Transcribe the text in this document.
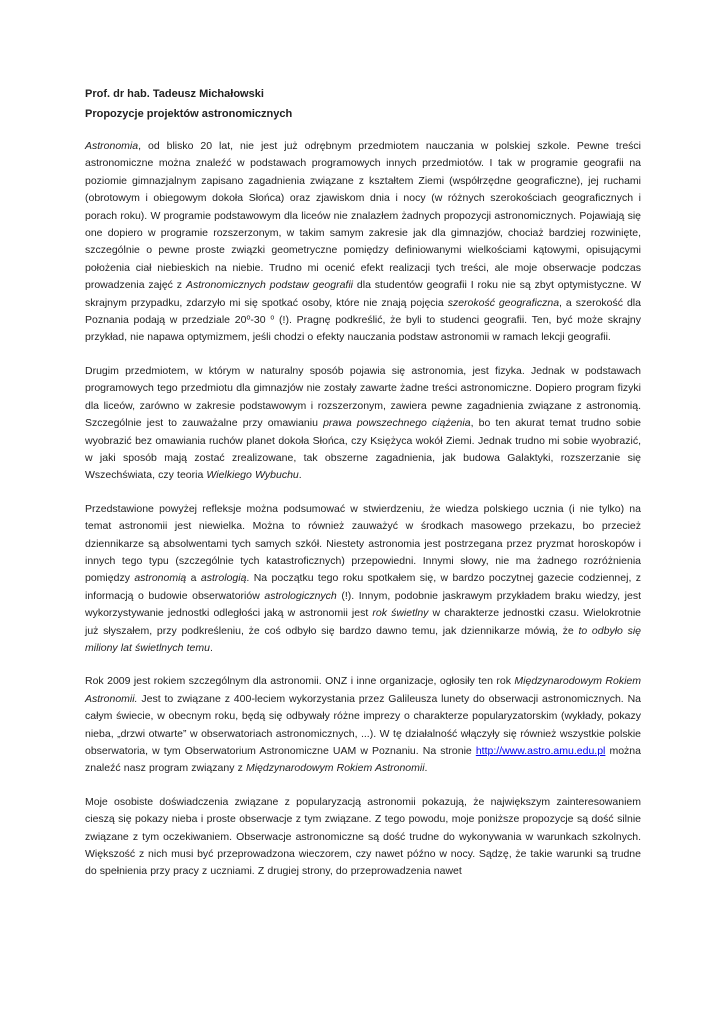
Prof. dr hab. Tadeusz Michałowski
Propozycje projektów astronomicznych

Astronomia, od blisko 20 lat, nie jest już odrębnym przedmiotem nauczania w polskiej szkole. Pewne treści astronomiczne można znaleźć w podstawach programowych innych przedmiotów. I tak w programie geografii na poziomie gimnazjalnym zapisano zagadnienia związane z kształtem Ziemi (współrzędne geograficzne), jej ruchami (obrotowym i obiegowym dokoła Słońca) oraz zjawiskom dnia i nocy (w różnych szerokościach geograficznych i porach roku). W programie podstawowym dla liceów nie znalazłem żadnych propozycji astronomicznych. Pojawiają się one dopiero w programie rozszerzonym, w takim samym zakresie jak dla gimnazjów, chociaż bardziej rozwinięte, szczególnie o pewne proste związki geometryczne pomiędzy definiowanymi wielkościami kątowymi, opisującymi położenia ciał niebieskich na niebie. Trudno mi ocenić efekt realizacji tych treści, ale moje obserwacje podczas prowadzenia zajęć z Astronomicznych podstaw geografii dla studentów geografii I roku nie są zbyt optymistyczne. W skrajnym przypadku, zdarzyło mi się spotkać osoby, które nie znają pojęcia szerokość geograficzna, a szerokość dla Poznania podają w przedziale 20$^o$-30 $^o$ (!). Pragnę podkreślić, że byli to studenci geografii. Ten, być może skrajny przykład, nie napawa optymizmem, jeśli chodzi o efekty nauczania podstaw astronomii w ramach lekcji geografii.

Drugim przedmiotem, w którym w naturalny sposób pojawia się astronomia, jest fizyka. Jednak w podstawach programowych tego przedmiotu dla gimnazjów nie zostały zawarte żadne treści astronomiczne. Dopiero program fizyki dla liceów, zarówno w zakresie podstawowym i rozszerzonym, zawiera pewne zagadnienia związane z astronomią. Szczególnie jest to zauważalne przy omawianiu prawa powszechnego ciążenia, bo ten akurat temat trudno sobie wyobrazić bez omawiania ruchów planet dokoła Słońca, czy Księżyca wokół Ziemi. Jednak trudno mi sobie wyobrazić, w jaki sposób mają zostać zrealizowane, tak obszerne zagadnienia, jak budowa Galaktyki, rozszerzanie się Wszechświata, czy teoria Wielkiego Wybuchu.

Przedstawione powyżej refleksje można podsumować w stwierdzeniu, że wiedza polskiego ucznia (i nie tylko) na temat astronomii jest niewielka. Można to również zauważyć w środkach masowego przekazu, bo przecież dziennikarze są absolwentami tych samych szkół. Niestety astronomia jest postrzegana przez pryzmat horoskopów i innych tego typu (szczególnie tych katastroficznych) przepowiedni. Innymi słowy, nie ma żadnego rozróżnienia pomiędzy astronomią a astrologią. Na początku tego roku spotkałem się, w bardzo poczytnej gazecie codziennej, z informacją o budowie obserwatoriów astrologicznych (!). Innym, podobnie jaskrawym przykładem braku wiedzy, jest wykorzystywanie jednostki odległości jaką w astronomii jest rok świetlny w charakterze jednostki czasu. Wielokrotnie już słyszałem, przy podkreśleniu, że coś odbyło się bardzo dawno temu, jak dziennikarze mówią, że to odbyło się miliony lat świetlnych temu.

Rok 2009 jest rokiem szczególnym dla astronomii. ONZ i inne organizacje, ogłosiły ten rok Międzynarodowym Rokiem Astronomii. Jest to związane z 400-leciem wykorzystania przez Galileusza lunety do obserwacji astronomicznych. Na całym świecie, w obecnym roku, będą się odbywały różne imprezy o charakterze popularyzatorskim (wykłady, pokazy nieba, „drzwi otwarte” w obserwatoriach astronomicznych, ...). W tę działalność włączyły się również wszystkie polskie obserwatoria, w tym Obserwatorium Astronomiczne UAM w Poznaniu. Na stronie http://www.astro.amu.edu.pl można znaleźć nasz program związany z Międzynarodowym Rokiem Astronomii.

Moje osobiste doświadczenia związane z popularyzacją astronomii pokazują, że największym zainteresowaniem cieszą się pokazy nieba i proste obserwacje z tym związane. Z tego powodu, moje poniższe propozycje są dość silnie związane z tym oczekiwaniem. Obserwacje astronomiczne są dość trudne do wykonywania w warunkach szkolnych. Większość z nich musi być przeprowadzona wieczorem, czy nawet późno w nocy. Sądzę, że takie warunki są trudne do spełnienia przy pracy z uczniami. Z drugiej strony, do przeprowadzenia nawet
